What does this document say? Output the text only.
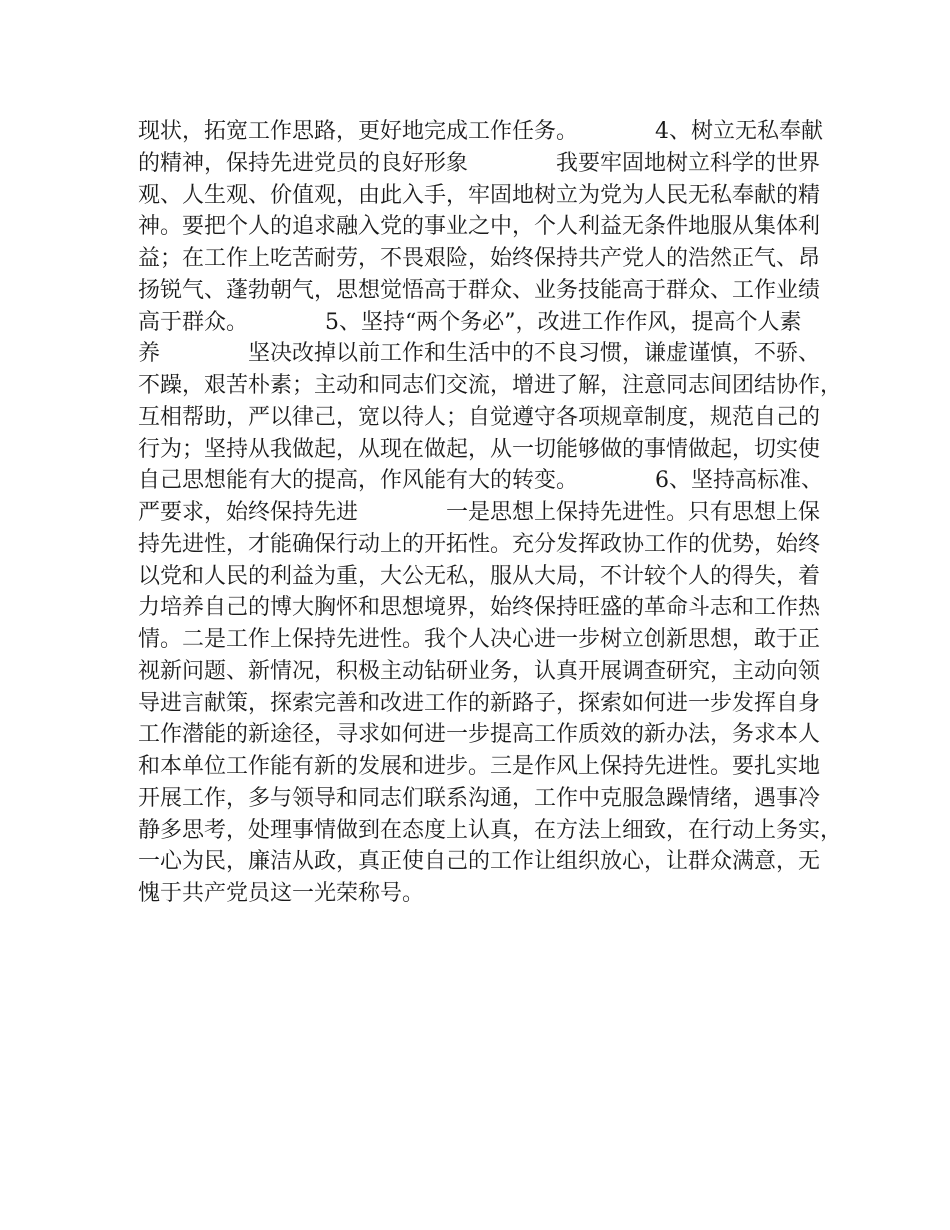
现状，拓宽工作思路，更好地完成工作任务。　　　　4、树立无私奉献
的精神，保持先进党员的良好形象　　　　我要牢固地树立科学的世界
观、人生观、价值观，由此入手，牢固地树立为党为人民无私奉献的精
神。要把个人的追求融入党的事业之中，个人利益无条件地服从集体利
益；在工作上吃苦耐劳，不畏艰险，始终保持共产党人的浩然正气、昂
扬锐气、蓬勃朝气，思想觉悟高于群众、业务技能高于群众、工作业绩
高于群众。　　　　5、坚持“两个务必”，改进工作作风，提高个人素
养　　　　坚决改掉以前工作和生活中的不良习惯，谦虚谨慎，不骄、
不躁，艰苦朴素；主动和同志们交流，增进了解，注意同志间团结协作，
互相帮助，严以律己，宽以待人；自觉遵守各项规章制度，规范自己的
行为；坚持从我做起，从现在做起，从一切能够做的事情做起，切实使
自己思想能有大的提高，作风能有大的转变。　　　　6、坚持高标准、
严要求，始终保持先进　　　　一是思想上保持先进性。只有思想上保
持先进性，才能确保行动上的开拓性。充分发挥政协工作的优势，始终
以党和人民的利益为重，大公无私，服从大局，不计较个人的得失，着
力培养自己的博大胸怀和思想境界，始终保持旺盛的革命斗志和工作热
情。二是工作上保持先进性。我个人决心进一步树立创新思想，敢于正
视新问题、新情况，积极主动钻研业务，认真开展调查研究，主动向领
导进言献策，探索完善和改进工作的新路子，探索如何进一步发挥自身
工作潜能的新途径，寻求如何进一步提高工作质效的新办法，务求本人
和本单位工作能有新的发展和进步。三是作风上保持先进性。要扎实地
开展工作，多与领导和同志们联系沟通，工作中克服急躁情绪，遇事冷
静多思考，处理事情做到在态度上认真，在方法上细致，在行动上务实，
一心为民，廉洁从政，真正使自己的工作让组织放心，让群众满意，无
愧于共产党员这一光荣称号。
